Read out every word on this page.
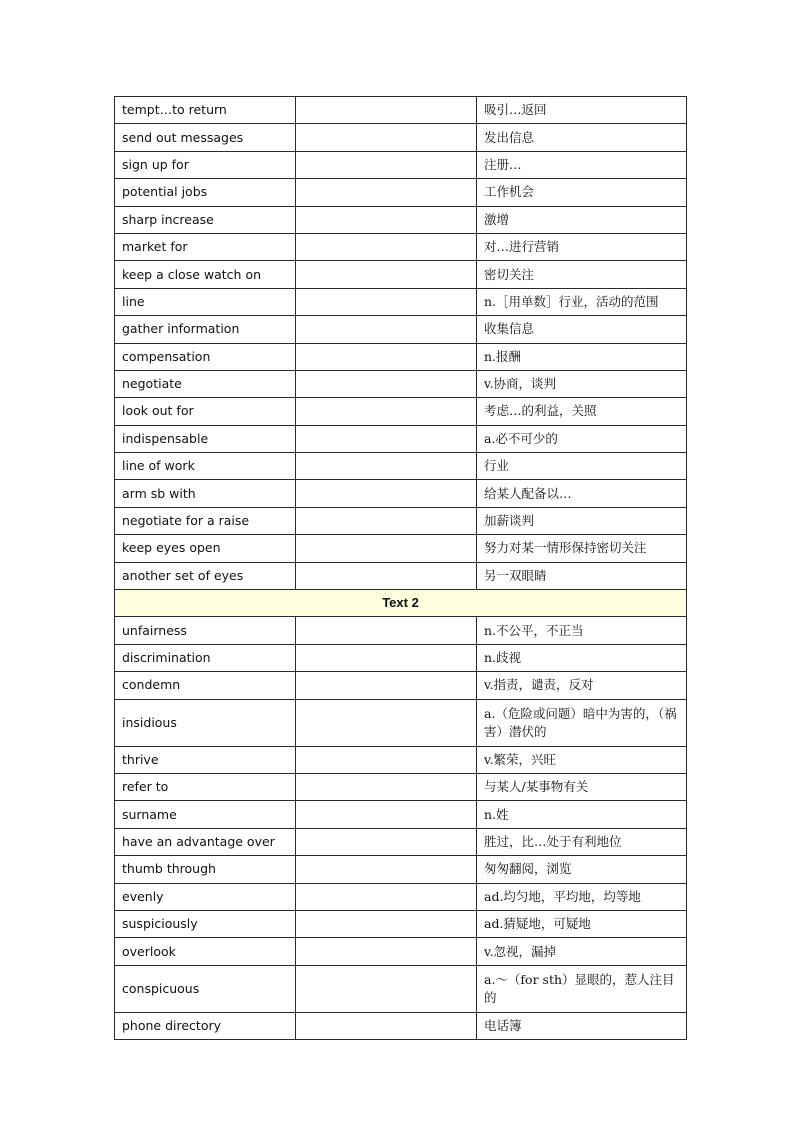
tempt…to return		吸引…返回
send out messages		发出信息
sign up for		注册…
potential jobs		工作机会
sharp increase		激增
market for		对…进行营销
keep a close watch on		密切关注
line		n.［用单数］行业，活动的范围
gather information		收集信息
compensation		n.报酬
negotiate		v.协商，谈判
look out for		考虑…的利益，关照
indispensable		a.必不可少的
line of work		行业
arm sb with		给某人配备以…
negotiate for a raise		加薪谈判
keep eyes open		努力对某一情形保持密切关注
another set of eyes		另一双眼睛
Text 2		
unfairness		n.不公平，不正当
discrimination		n.歧视
condemn		v.指责，谴责，反对
insidious		a.（危险或问题）暗中为害的，（祸害）潜伏的
thrive		v.繁荣，兴旺
refer to		与某人/某事物有关
surname		n.姓
have an advantage over		胜过，比…处于有利地位
thumb through		匆匆翻阅，浏览
evenly		ad.均匀地，平均地，均等地
suspiciously		ad.猜疑地，可疑地
overlook		v.忽视，漏掉
conspicuous		a.～（for sth）显眼的，惹人注目的
phone directory		电话簿
